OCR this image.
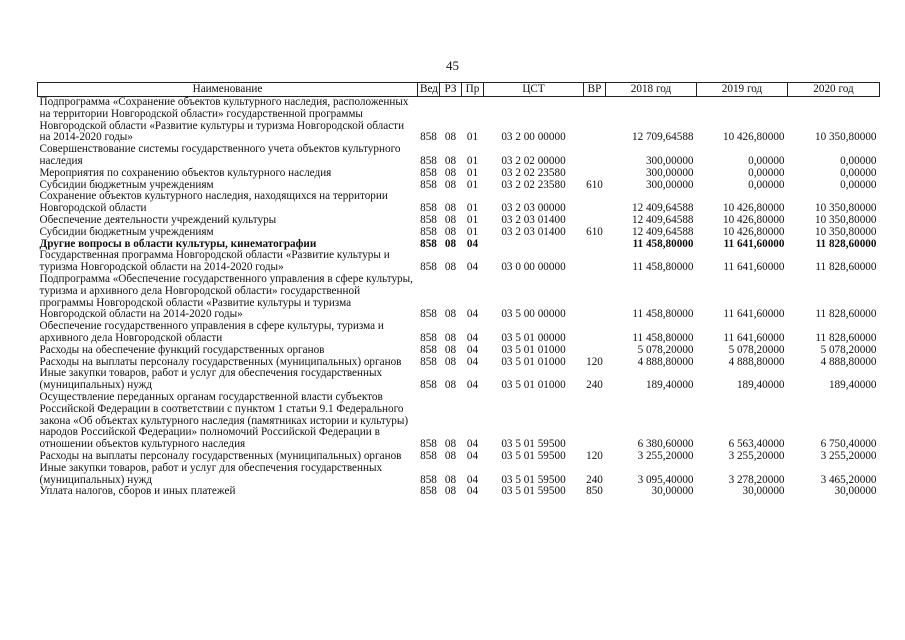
45
Наименование	Вед	РЗ	Пр	ЦСТ	ВР	2018 год	2019 год	2020 год
Подпрограмма «Сохранение объектов культурного наследия, расположенных на территории Новгородской области» государственной программы Новгородской области «Развитие культуры и туризма Новгородской области на 2014-2020 годы»	858	08	01	03 2 00 00000		12 709,64588	10 426,80000	10 350,80000
Совершенствование системы государственного учета объектов культурного наследия	858	08	01	03 2 02 00000		300,00000	0,00000	0,00000
Мероприятия по сохранению объектов культурного наследия	858	08	01	03 2 02 23580		300,00000	0,00000	0,00000
Субсидии бюджетным учреждениям	858	08	01	03 2 02 23580	610	300,00000	0,00000	0,00000
Сохранение объектов культурного наследия, находящихся на территории Новгородской области	858	08	01	03 2 03 00000		12 409,64588	10 426,80000	10 350,80000
Обеспечение деятельности учреждений культуры	858	08	01	03 2 03 01400		12 409,64588	10 426,80000	10 350,80000
Субсидии бюджетным учреждениям	858	08	01	03 2 03 01400	610	12 409,64588	10 426,80000	10 350,80000
Другие вопросы в области культуры, кинематографии	858	08	04			11 458,80000	11 641,60000	11 828,60000
Государственная программа Новгородской области «Развитие культуры и туризма Новгородской области на 2014-2020 годы»	858	08	04	03 0 00 00000		11 458,80000	11 641,60000	11 828,60000
Подпрограмма «Обеспечение государственного управления в сфере культуры, туризма и архивного дела Новгородской области» государственной программы Новгородской области «Развитие культуры и туризма Новгородской области на 2014-2020 годы»	858	08	04	03 5 00 00000		11 458,80000	11 641,60000	11 828,60000
Обеспечение государственного управления в сфере культуры, туризма и архивного дела Новгородской области	858	08	04	03 5 01 00000		11 458,80000	11 641,60000	11 828,60000
Расходы на обеспечение функций государственных органов	858	08	04	03 5 01 01000		5 078,20000	5 078,20000	5 078,20000
Расходы на выплаты персоналу государственных (муниципальных) органов	858	08	04	03 5 01 01000	120	4 888,80000	4 888,80000	4 888,80000
Иные закупки товаров, работ и услуг для обеспечения государственных (муниципальных) нужд	858	08	04	03 5 01 01000	240	189,40000	189,40000	189,40000
Осуществление переданных органам государственной власти субъектов Российской Федерации в соответствии с пунктом 1 статьи 9.1 Федерального закона «Об объектах культурного наследия (памятниках истории и культуры) народов Российской Федерации» полномочий Российской Федерации в отношении объектов культурного наследия	858	08	04	03 5 01 59500		6 380,60000	6 563,40000	6 750,40000
Расходы на выплаты персоналу государственных (муниципальных) органов	858	08	04	03 5 01 59500	120	3 255,20000	3 255,20000	3 255,20000
Иные закупки товаров, работ и услуг для обеспечения государственных (муниципальных) нужд	858	08	04	03 5 01 59500	240	3 095,40000	3 278,20000	3 465,20000
Уплата налогов, сборов и иных платежей	858	08	04	03 5 01 59500	850	30,00000	30,00000	30,00000
